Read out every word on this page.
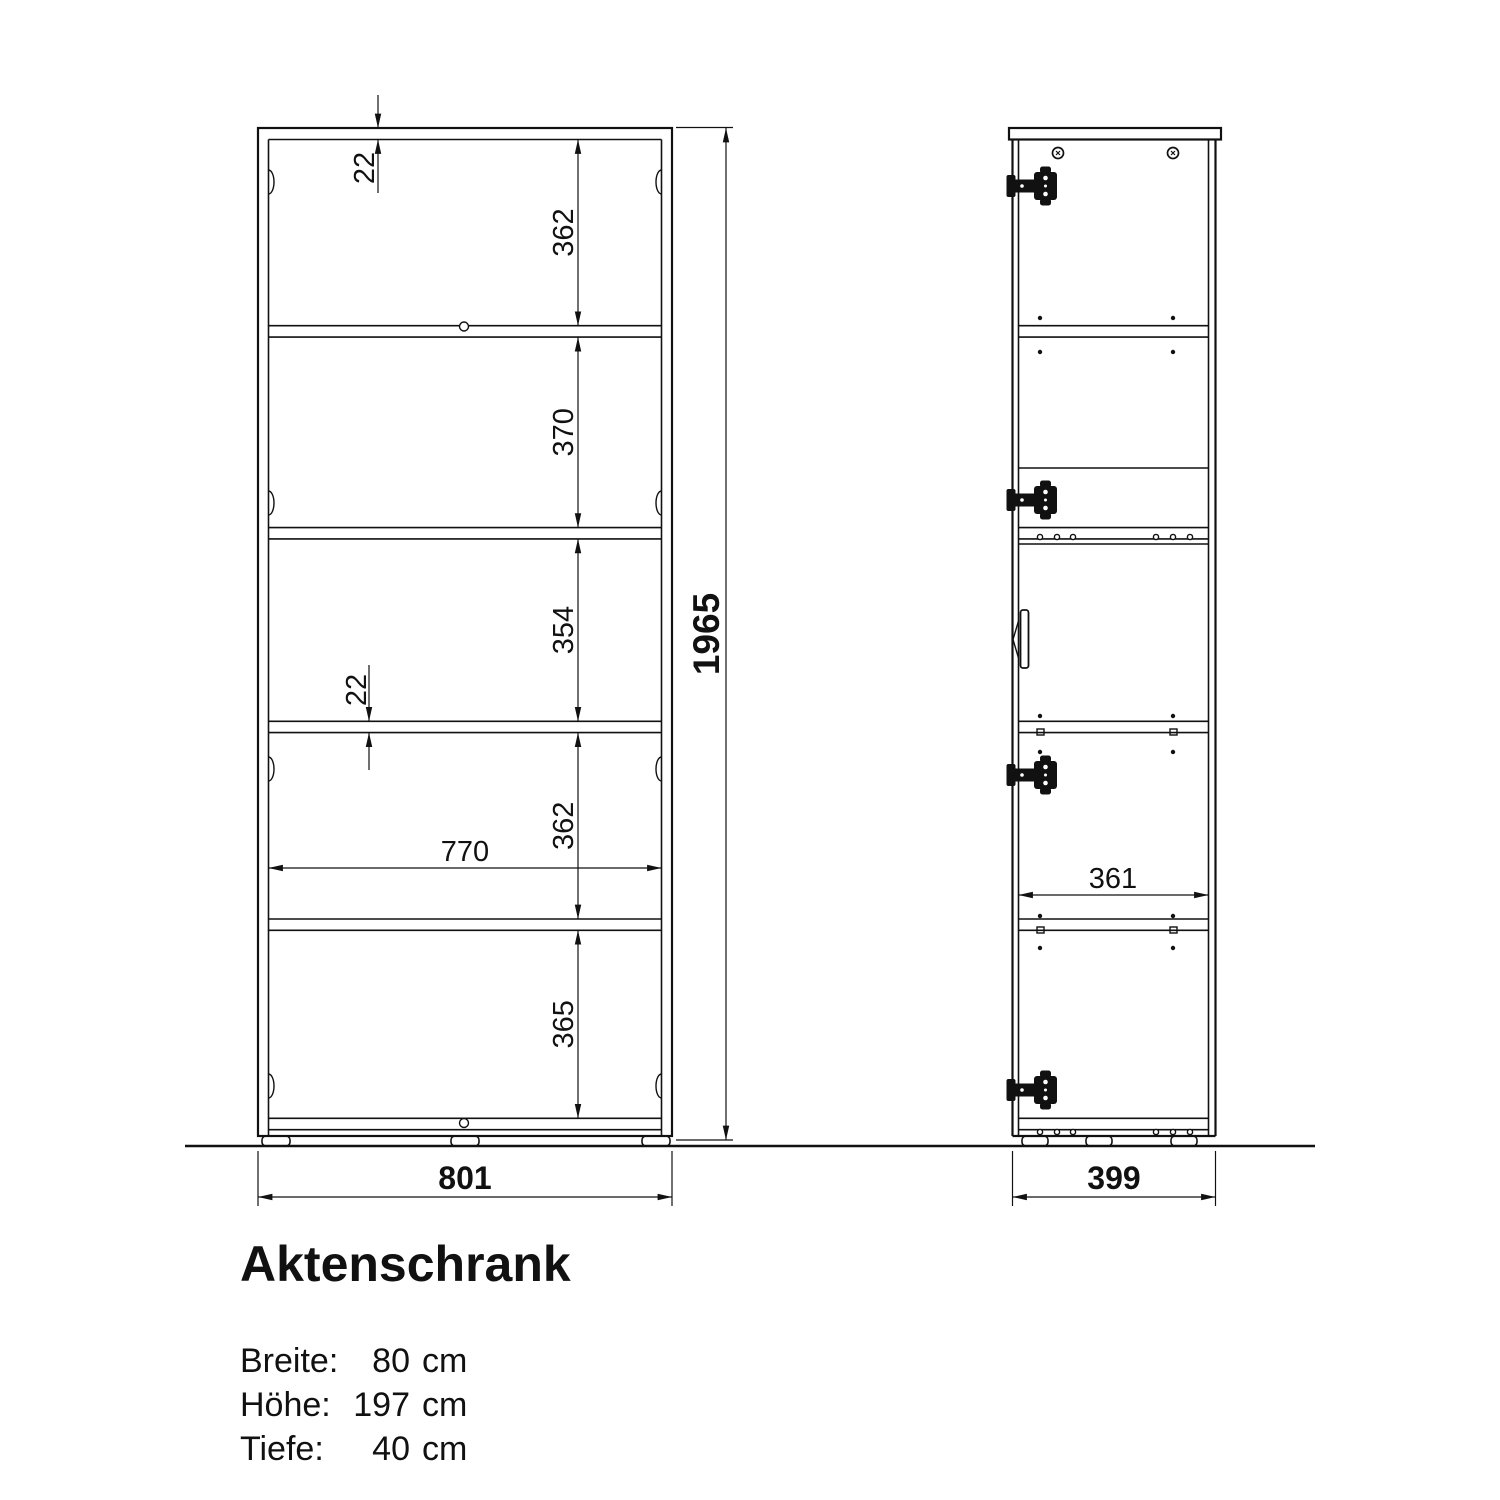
22
362
370
354
362
365
22
770
1965
801
361
399
Aktenschrank
Breite: 80 cm
Höhe: 197 cm
Tiefe: 40 cm
